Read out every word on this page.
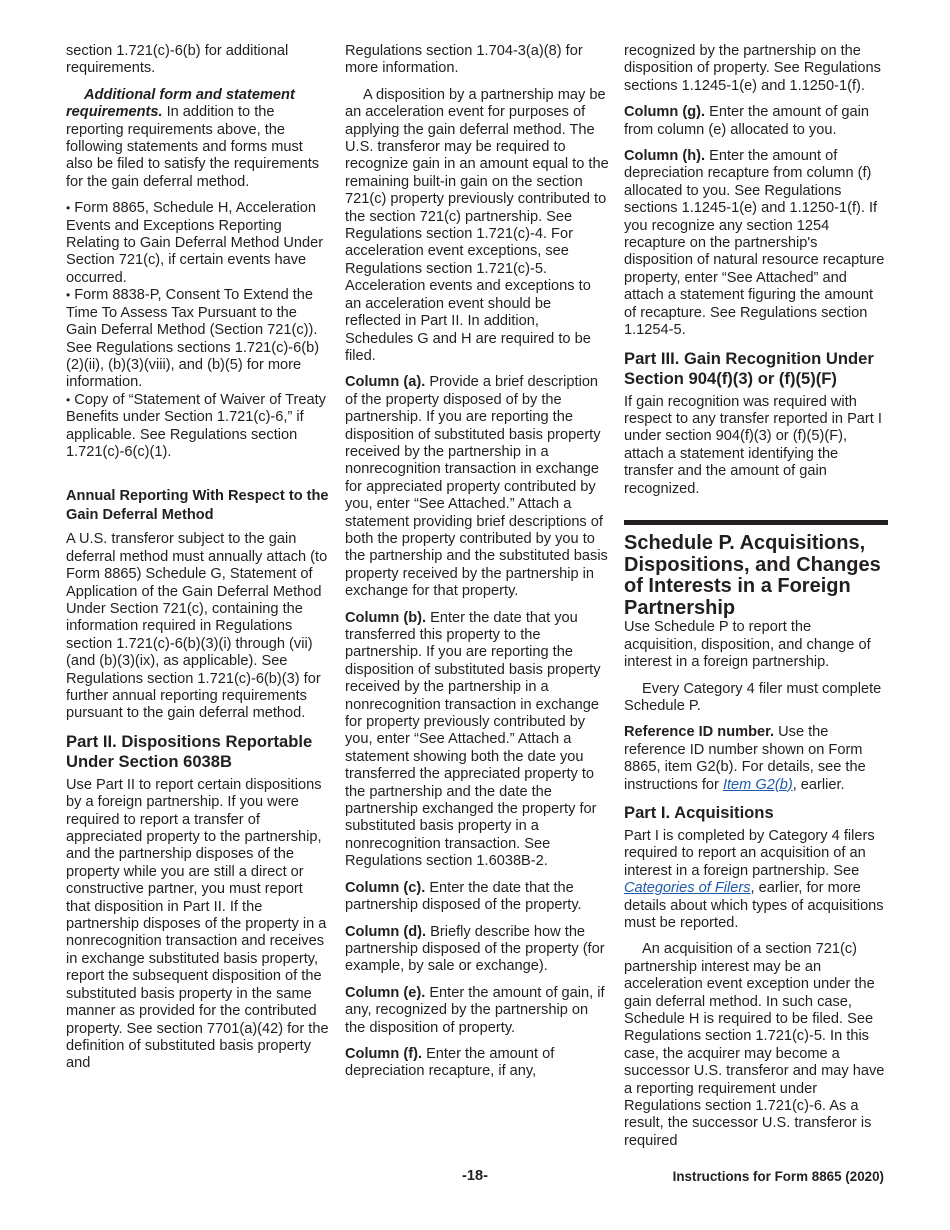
section 1.721(c)-6(b) for additional requirements.

Additional form and statement requirements. In addition to the reporting requirements above, the following statements and forms must also be filed to satisfy the requirements for the gain deferral method.

• Form 8865, Schedule H, Acceleration Events and Exceptions Reporting Relating to Gain Deferral Method Under Section 721(c), if certain events have occurred.

• Form 8838-P, Consent To Extend the Time To Assess Tax Pursuant to the Gain Deferral Method (Section 721(c)). See Regulations sections 1.721(c)-6(b)(2)(ii), (b)(3)(viii), and (b)(5) for more information.

• Copy of “Statement of Waiver of Treaty Benefits under Section 1.721(c)-6,” if applicable. See Regulations section 1.721(c)-6(c)(1).

Annual Reporting With Respect to the Gain Deferral Method

A U.S. transferor subject to the gain deferral method must annually attach (to Form 8865) Schedule G, Statement of Application of the Gain Deferral Method Under Section 721(c), containing the information required in Regulations section 1.721(c)-6(b)(3)(i) through (vii) (and (b)(3)(ix), as applicable). See Regulations section 1.721(c)-6(b)(3) for further annual reporting requirements pursuant to the gain deferral method.

Part II. Dispositions Reportable Under Section 6038B

Use Part II to report certain dispositions by a foreign partnership. If you were required to report a transfer of appreciated property to the partnership, and the partnership disposes of the property while you are still a direct or constructive partner, you must report that disposition in Part II. If the partnership disposes of the property in a nonrecognition transaction and receives in exchange substituted basis property, report the subsequent disposition of the substituted basis property in the same manner as provided for the contributed property. See section 7701(a)(42) for the definition of substituted basis property and

Regulations section 1.704-3(a)(8) for more information.

A disposition by a partnership may be an acceleration event for purposes of applying the gain deferral method. The U.S. transferor may be required to recognize gain in an amount equal to the remaining built-in gain on the section 721(c) property previously contributed to the section 721(c) partnership. See Regulations section 1.721(c)-4. For acceleration event exceptions, see Regulations section 1.721(c)-5. Acceleration events and exceptions to an acceleration event should be reflected in Part II. In addition, Schedules G and H are required to be filed.

Column (a). Provide a brief description of the property disposed of by the partnership. If you are reporting the disposition of substituted basis property received by the partnership in a nonrecognition transaction in exchange for appreciated property contributed by you, enter “See Attached.” Attach a statement providing brief descriptions of both the property contributed by you to the partnership and the substituted basis property received by the partnership in exchange for that property.

Column (b). Enter the date that you transferred this property to the partnership. If you are reporting the disposition of substituted basis property received by the partnership in a nonrecognition transaction in exchange for property previously contributed by you, enter “See Attached.” Attach a statement showing both the date you transferred the appreciated property to the partnership and the date the partnership exchanged the property for substituted basis property in a nonrecognition transaction. See Regulations section 1.6038B-2.

Column (c). Enter the date that the partnership disposed of the property.

Column (d). Briefly describe how the partnership disposed of the property (for example, by sale or exchange).

Column (e). Enter the amount of gain, if any, recognized by the partnership on the disposition of property.

Column (f). Enter the amount of depreciation recapture, if any,

recognized by the partnership on the disposition of property. See Regulations sections 1.1245-1(e) and 1.1250-1(f).

Column (g). Enter the amount of gain from column (e) allocated to you.

Column (h). Enter the amount of depreciation recapture from column (f) allocated to you. See Regulations sections 1.1245-1(e) and 1.1250-1(f). If you recognize any section 1254 recapture on the partnership's disposition of natural resource recapture property, enter “See Attached” and attach a statement figuring the amount of recapture. See Regulations section 1.1254-5.

Part III. Gain Recognition Under Section 904(f)(3) or (f)(5)(F)

If gain recognition was required with respect to any transfer reported in Part I under section 904(f)(3) or (f)(5)(F), attach a statement identifying the transfer and the amount of gain recognized.

Schedule P. Acquisitions, Dispositions, and Changes of Interests in a Foreign Partnership

Use Schedule P to report the acquisition, disposition, and change of interest in a foreign partnership.

Every Category 4 filer must complete Schedule P.

Reference ID number. Use the reference ID number shown on Form 8865, item G2(b). For details, see the instructions for Item G2(b), earlier.

Part I. Acquisitions

Part I is completed by Category 4 filers required to report an acquisition of an interest in a foreign partnership. See Categories of Filers, earlier, for more details about which types of acquisitions must be reported.

An acquisition of a section 721(c) partnership interest may be an acceleration event exception under the gain deferral method. In such case, Schedule H is required to be filed. See Regulations section 1.721(c)-5. In this case, the acquirer may become a successor U.S. transferor and may have a reporting requirement under Regulations section 1.721(c)-6. As a result, the successor U.S. transferor is required

-18-	Instructions for Form 8865 (2020)
